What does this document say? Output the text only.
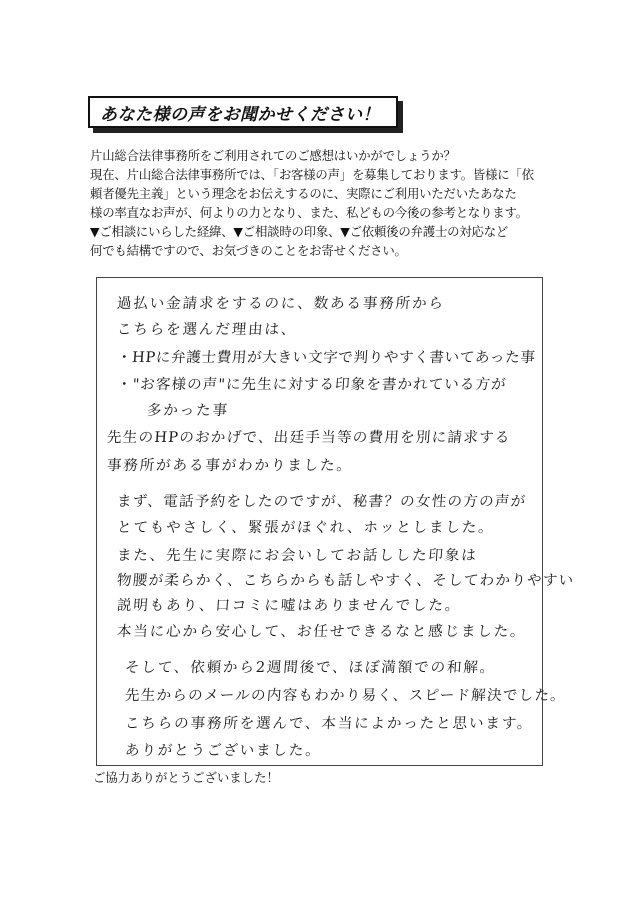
あなた様の声をお聞かせください！
片山総合法律事務所をご利用されてのご感想はいかがでしょうか？
現在、片山総合法律事務所では、「お客様の声」を募集しております。皆様に「依
頼者優先主義」という理念をお伝えするのに、実際にご利用いただいたあなた
様の率直なお声が、何よりの力となり、また、私どもの今後の参考となります。
▼ご相談にいらした経緯、▼ご相談時の印象、▼ご依頼後の弁護士の対応など
何でも結構ですので、お気づきのことをお寄せください。
過払い金請求をするのに、数ある事務所から
こちらを選んだ理由は、
・HPに弁護士費用が大きい文字で判りやすく書いてあった事
・"お客様の声"に先生に対する印象を書かれている方が
多かった事
先生のHPのおかげで、出廷手当等の費用を別に請求する
事務所がある事がわかりました。
まず、電話予約をしたのですが、秘書？の女性の方の声が
とてもやさしく、緊張がほぐれ、ホッとしました。
また、先生に実際にお会いしてお話しした印象は
物腰が柔らかく、こちらからも話しやすく、そしてわかりやすい
説明もあり、口コミに嘘はありませんでした。
本当に心から安心して、お任せできるなと感じました。
そして、依頼から2週間後で、ほぼ満額での和解。
先生からのメールの内容もわかり易く、スピード解決でした。
こちらの事務所を選んで、本当によかったと思います。
ありがとうございました。
ご協力ありがとうございました！
